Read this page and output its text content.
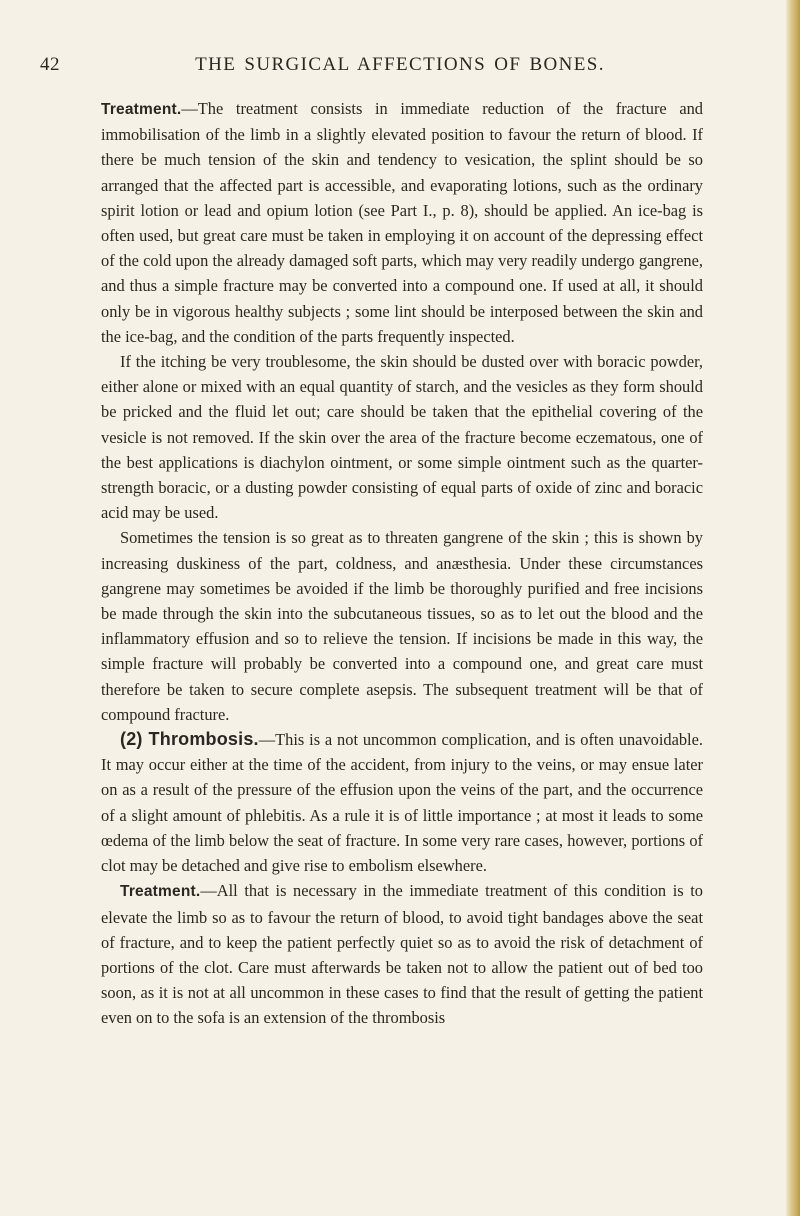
42	THE SURGICAL AFFECTIONS OF BONES.

Treatment.—The treatment consists in immediate reduction of the fracture and immobilisation of the limb in a slightly elevated position to favour the return of blood. If there be much tension of the skin and tendency to vesication, the splint should be so arranged that the affected part is accessible, and evaporating lotions, such as the ordinary spirit lotion or lead and opium lotion (see Part I., p. 8), should be applied. An ice-bag is often used, but great care must be taken in employing it on account of the depressing effect of the cold upon the already damaged soft parts, which may very readily undergo gangrene, and thus a simple fracture may be converted into a compound one. If used at all, it should only be in vigorous healthy subjects ; some lint should be interposed between the skin and the ice-bag, and the condition of the parts frequently inspected.

If the itching be very troublesome, the skin should be dusted over with boracic powder, either alone or mixed with an equal quantity of starch, and the vesicles as they form should be pricked and the fluid let out; care should be taken that the epithelial covering of the vesicle is not removed. If the skin over the area of the fracture become eczematous, one of the best applications is diachylon ointment, or some simple ointment such as the quarter-strength boracic, or a dusting powder consisting of equal parts of oxide of zinc and boracic acid may be used.

Sometimes the tension is so great as to threaten gangrene of the skin ; this is shown by increasing duskiness of the part, coldness, and anæsthesia. Under these circumstances gangrene may sometimes be avoided if the limb be thoroughly purified and free incisions be made through the skin into the subcutaneous tissues, so as to let out the blood and the inflammatory effusion and so to relieve the tension. If incisions be made in this way, the simple fracture will probably be converted into a compound one, and great care must therefore be taken to secure complete asepsis. The subsequent treatment will be that of compound fracture.

(2) Thrombosis.—This is a not uncommon complication, and is often unavoidable. It may occur either at the time of the accident, from injury to the veins, or may ensue later on as a result of the pressure of the effusion upon the veins of the part, and the occurrence of a slight amount of phlebitis. As a rule it is of little importance ; at most it leads to some œdema of the limb below the seat of fracture. In some very rare cases, however, portions of clot may be detached and give rise to embolism elsewhere.

Treatment.—All that is necessary in the immediate treatment of this condition is to elevate the limb so as to favour the return of blood, to avoid tight bandages above the seat of fracture, and to keep the patient perfectly quiet so as to avoid the risk of detachment of portions of the clot. Care must afterwards be taken not to allow the patient out of bed too soon, as it is not at all uncommon in these cases to find that the result of getting the patient even on to the sofa is an extension of the thrombosis
